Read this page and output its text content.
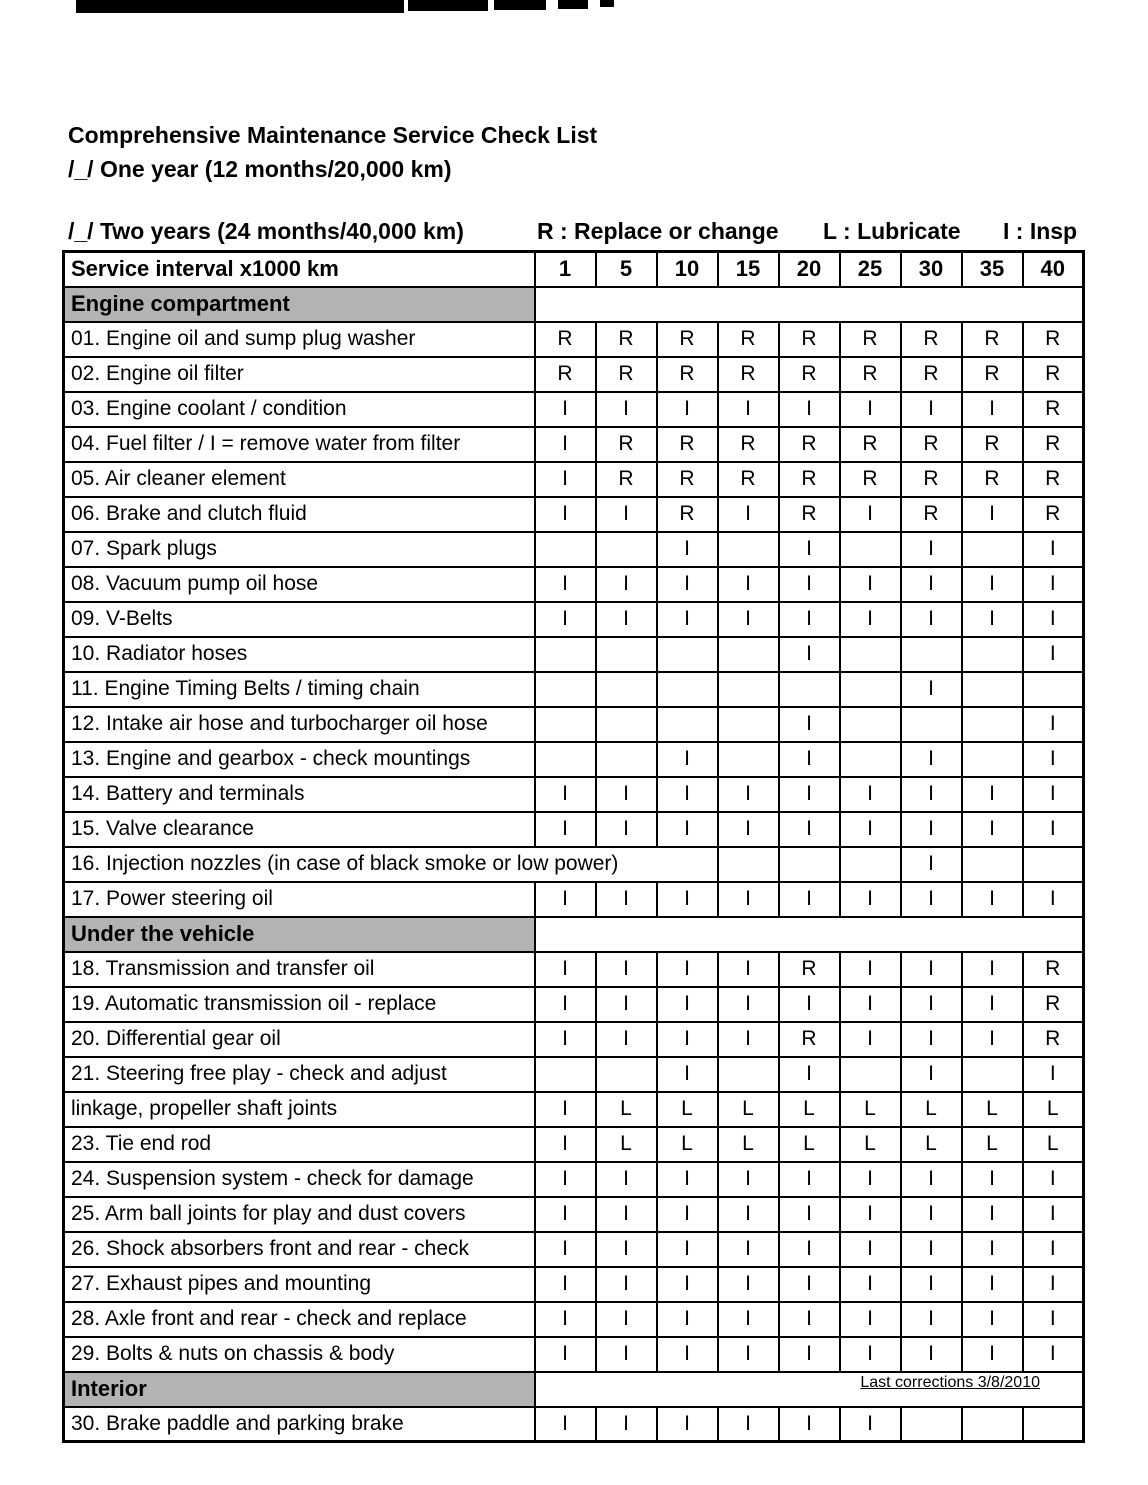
Comprehensive Maintenance Service Check List
/_/ One year (12 months/20,000 km)
/_/ Two years (24 months/40,000 km)	R : Replace or change L : Lubricate I : Insp
Service interval x1000 km	1	5	10	15	20	25	30	35	40
Engine compartment									
01. Engine oil and sump plug washer	R	R	R	R	R	R	R	R	R
02. Engine oil filter	R	R	R	R	R	R	R	R	R
03. Engine coolant / condition	I	I	I	I	I	I	I	I	R
04. Fuel filter / I = remove water from filter	I	R	R	R	R	R	R	R	R
05. Air cleaner element	I	R	R	R	R	R	R	R	R
06. Brake and clutch fluid	I	I	R	I	R	I	R	I	R
07. Spark plugs			I		I		I		I
08. Vacuum pump oil hose	I	I	I	I	I	I	I	I	I
09. V-Belts	I	I	I	I	I	I	I	I	I
10. Radiator hoses					I				I
11. Engine Timing Belts / timing chain							I		
12. Intake air hose and turbocharger oil hose					I				I
13. Engine and gearbox - check mountings			I		I		I		I
14. Battery and terminals	I	I	I	I	I	I	I	I	I
15. Valve clearance	I	I	I	I	I	I	I	I	I
16. Injection nozzles (in case of black smoke or low power)							I		
17. Power steering oil	I	I	I	I	I	I	I	I	I
Under the vehicle									
18. Transmission and transfer oil	I	I	I	I	R	I	I	I	R
19. Automatic transmission oil - replace	I	I	I	I	I	I	I	I	R
20. Differential gear oil	I	I	I	I	R	I	I	I	R
21. Steering free play - check and adjust			I		I		I		I
linkage, propeller shaft joints	I	L	L	L	L	L	L	L	L
23. Tie end rod	I	L	L	L	L	L	L	L	L
24. Suspension system - check for damage	I	I	I	I	I	I	I	I	I
25. Arm ball joints for play and dust covers	I	I	I	I	I	I	I	I	I
26. Shock absorbers front and rear - check	I	I	I	I	I	I	I	I	I
27. Exhaust pipes and mounting	I	I	I	I	I	I	I	I	I
28. Axle front and rear - check and replace	I	I	I	I	I	I	I	I	I
29. Bolts & nuts on chassis & body	I	I	I	I	I	I	I	I	I
Interior	Last corrections 3/8/2010								

30. Brake paddle and parking brake	I	I	I	I	I	I			
